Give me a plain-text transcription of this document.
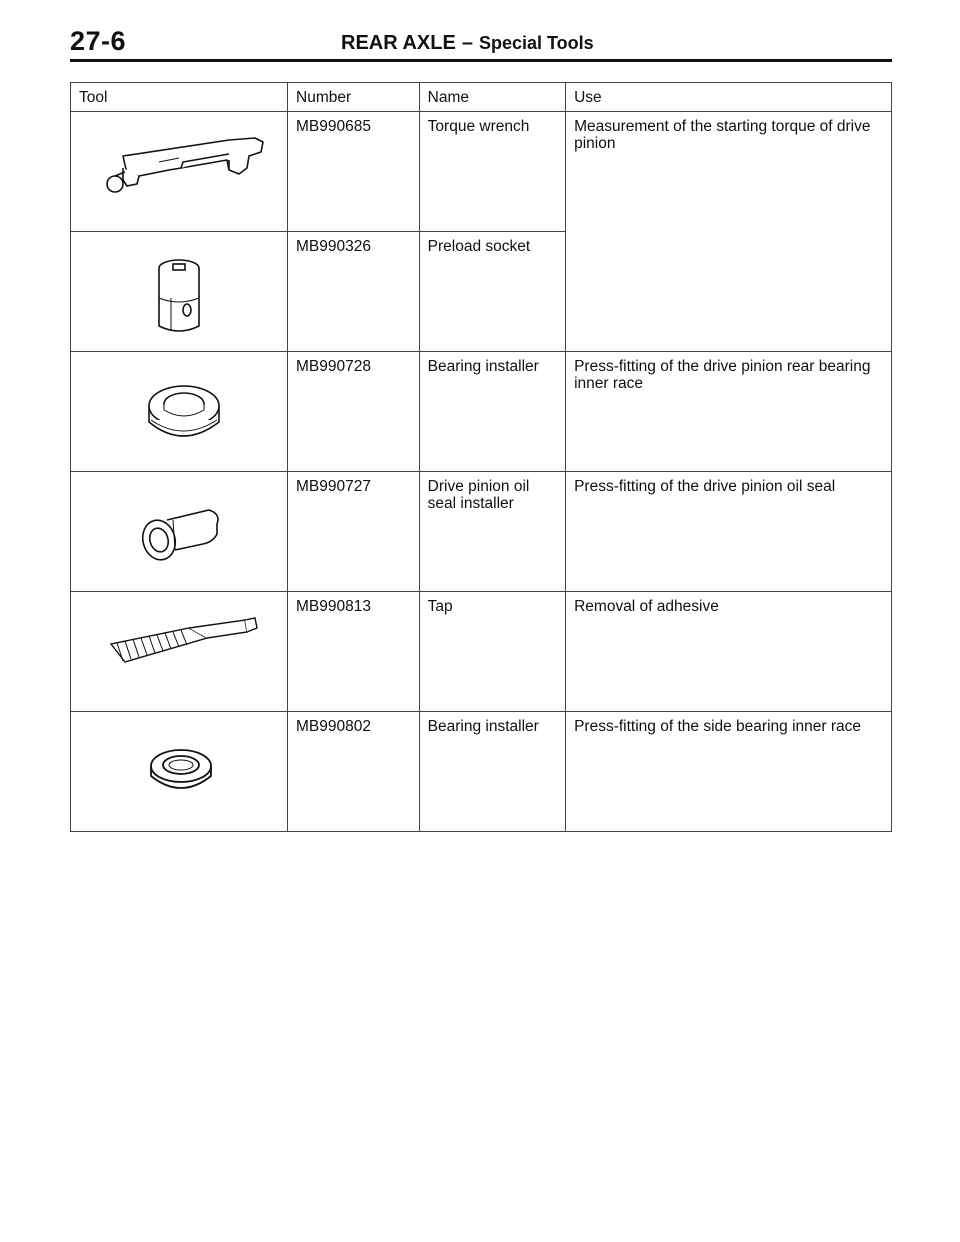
27-6	REAR AXLE – Special Tools
Tool	Number	Name	Use

	MB990685	Torque wrench	Measurement of the starting torque of drive pinion

	MB990326	Preload socket	

	MB990728	Bearing installer	Press-fitting of the drive pinion rear bearing inner race

	MB990727	Drive pinion oil seal installer	Press-fitting of the drive pinion oil seal

	MB990813	Tap	Removal of adhesive

	MB990802	Bearing installer	Press-fitting of the side bearing inner race
